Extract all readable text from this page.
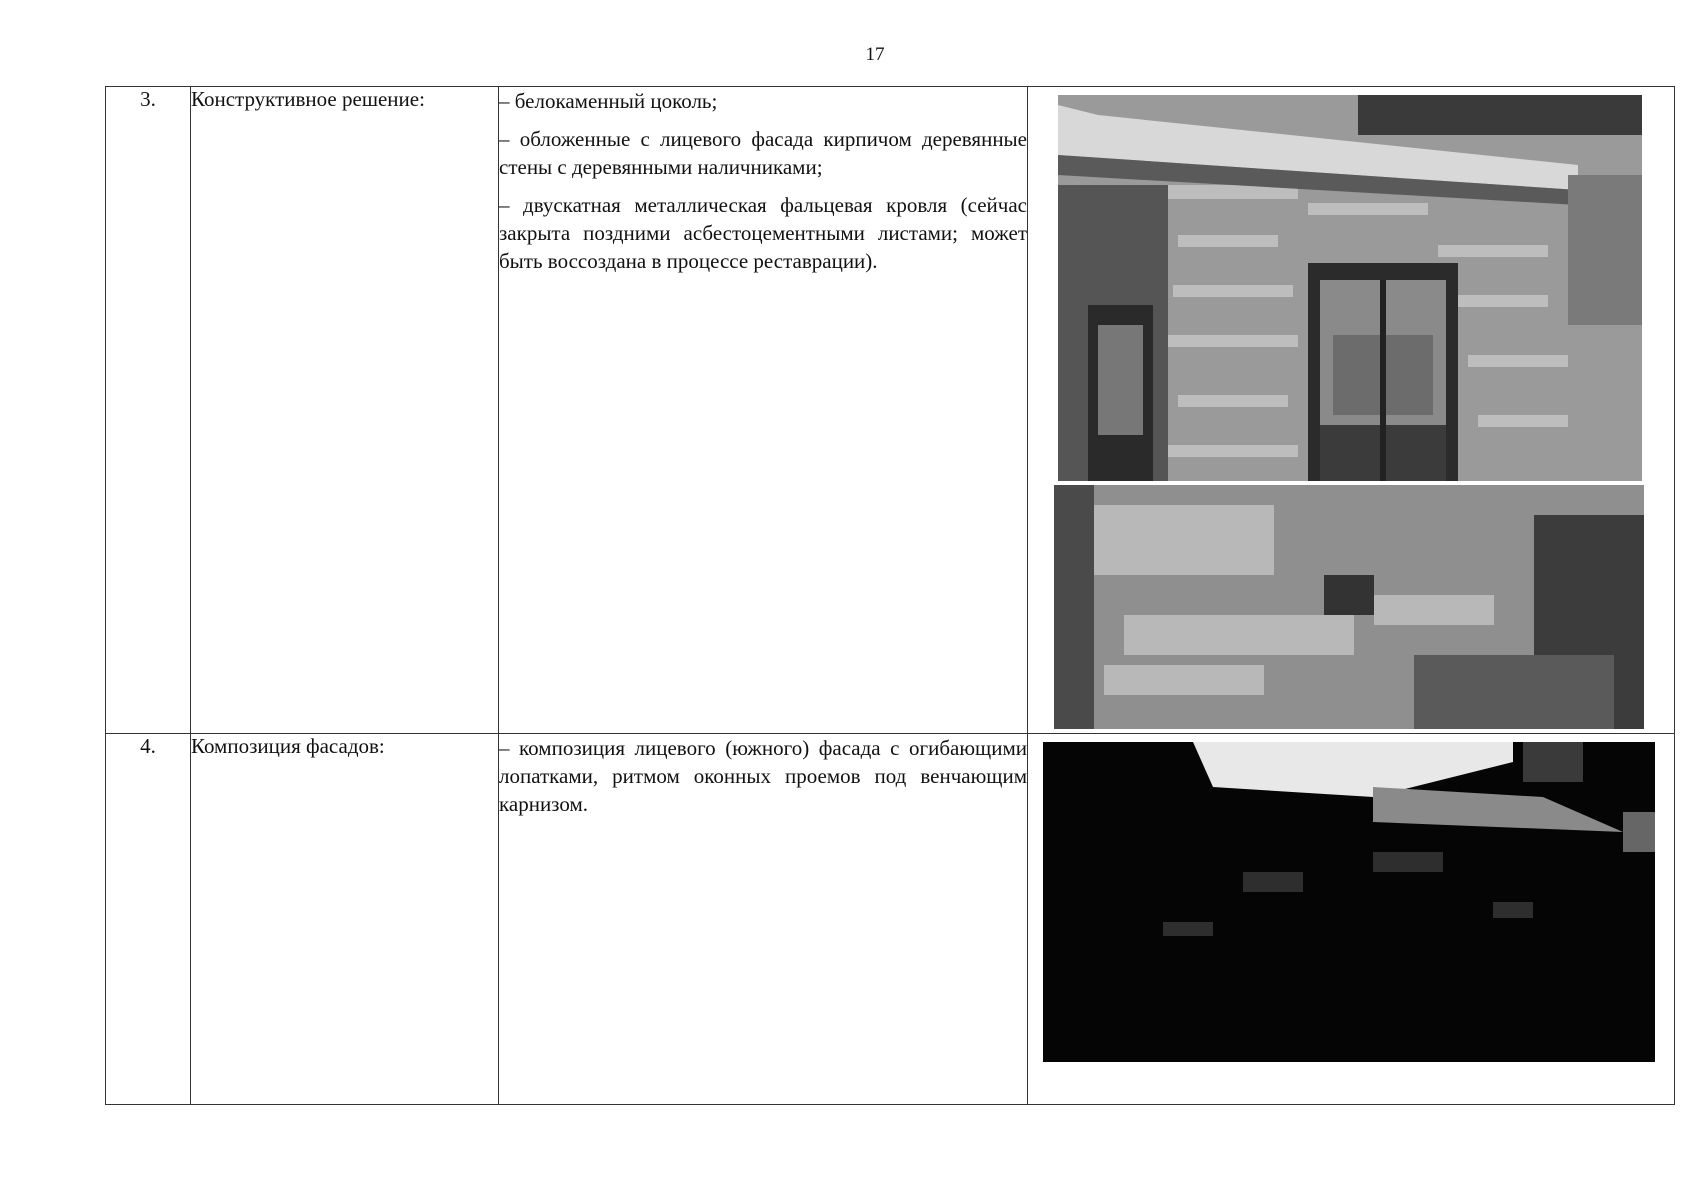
17
3.	Конструктивное решение:	– белокаменный цоколь;

– обложенные с лицевого фасада кирпичом деревянные стены с деревянными наличниками;

– двускатная металлическая фальцевая кровля (сейчас закрыта поздними асбестоцементными листами; может быть воссоздана в процессе реставрации).

4.	Композиция фасадов:	– композиция лицевого (южного) фасада с огибающими лопатками, ритмом оконных проемов под венчающим карнизом.
